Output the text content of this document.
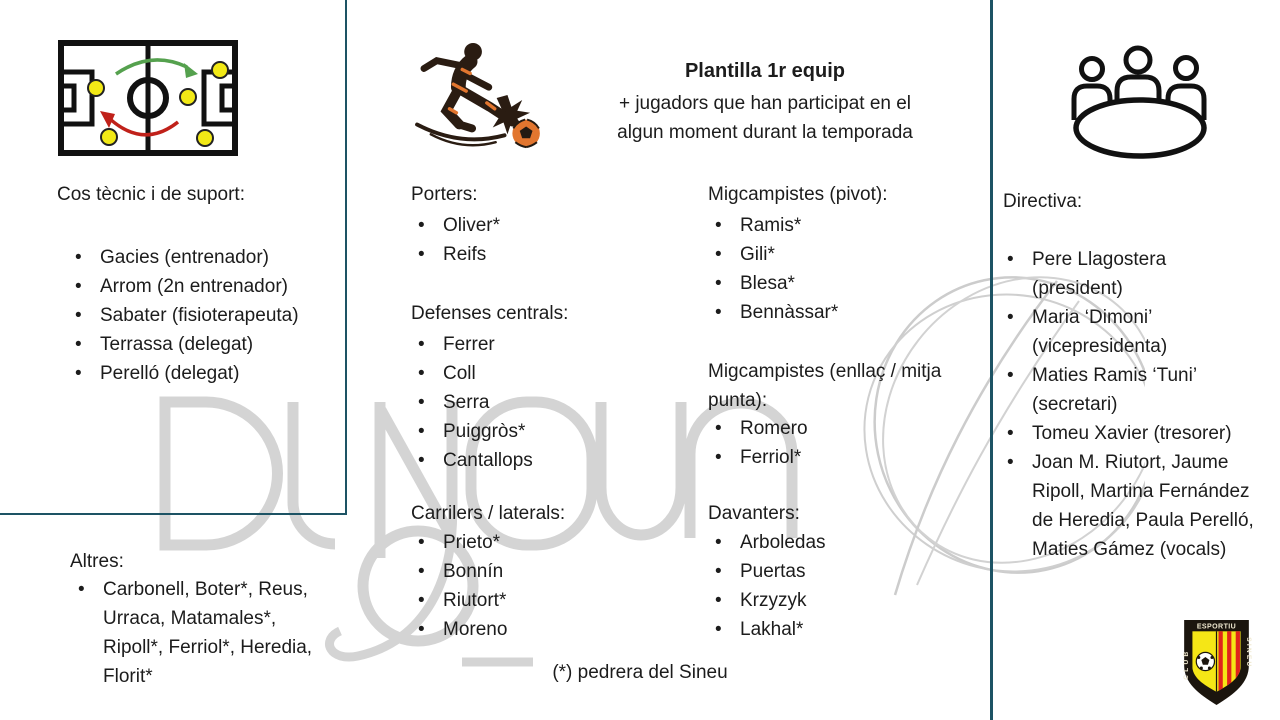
Cos tècnic i de suport:
• Gacies (entrenador)
• Arrom (2n entrenador)
• Sabater (fisioterapeuta)
• Terrassa (delegat)
• Perelló (delegat)
Altres:
• Carbonell, Boter*, Reus, Urraca, Matamales*, Ripoll*, Ferriol*, Heredia, Florit*
Plantilla 1r equip
+ jugadors que han participat en el
algun moment durant la temporada
Porters:
• Oliver*
• Reifs
Defenses centrals:
• Ferrer
• Coll
• Serra
• Puiggròs*
• Cantallops
Carrilers / laterals:
• Prieto*
• Bonnín
• Riutort*
• Moreno
Migcampistes (pivot):
• Ramis*
• Gili*
• Blesa*
• Bennàssar*
Migcampistes (enllaç / mitja punta):
• Romero
• Ferriol*
Davanters:
• Arboledas
• Puertas
• Krzyzyk
• Lakhal*
(*) pedrera del Sineu
Directiva:
• Pere Llagostera (president)
• Maria ‘Dimoni’ (vicepresidenta)
• Maties Ramis ‘Tuni’ (secretari)
• Tomeu Xavier (tresorer)
• Joan M. Riutort, Jaume Ripoll, Martina Fernández de Heredia, Paula Perelló, Maties Gámez (vocals)
ESPORTIU
CLUB	SINEU
